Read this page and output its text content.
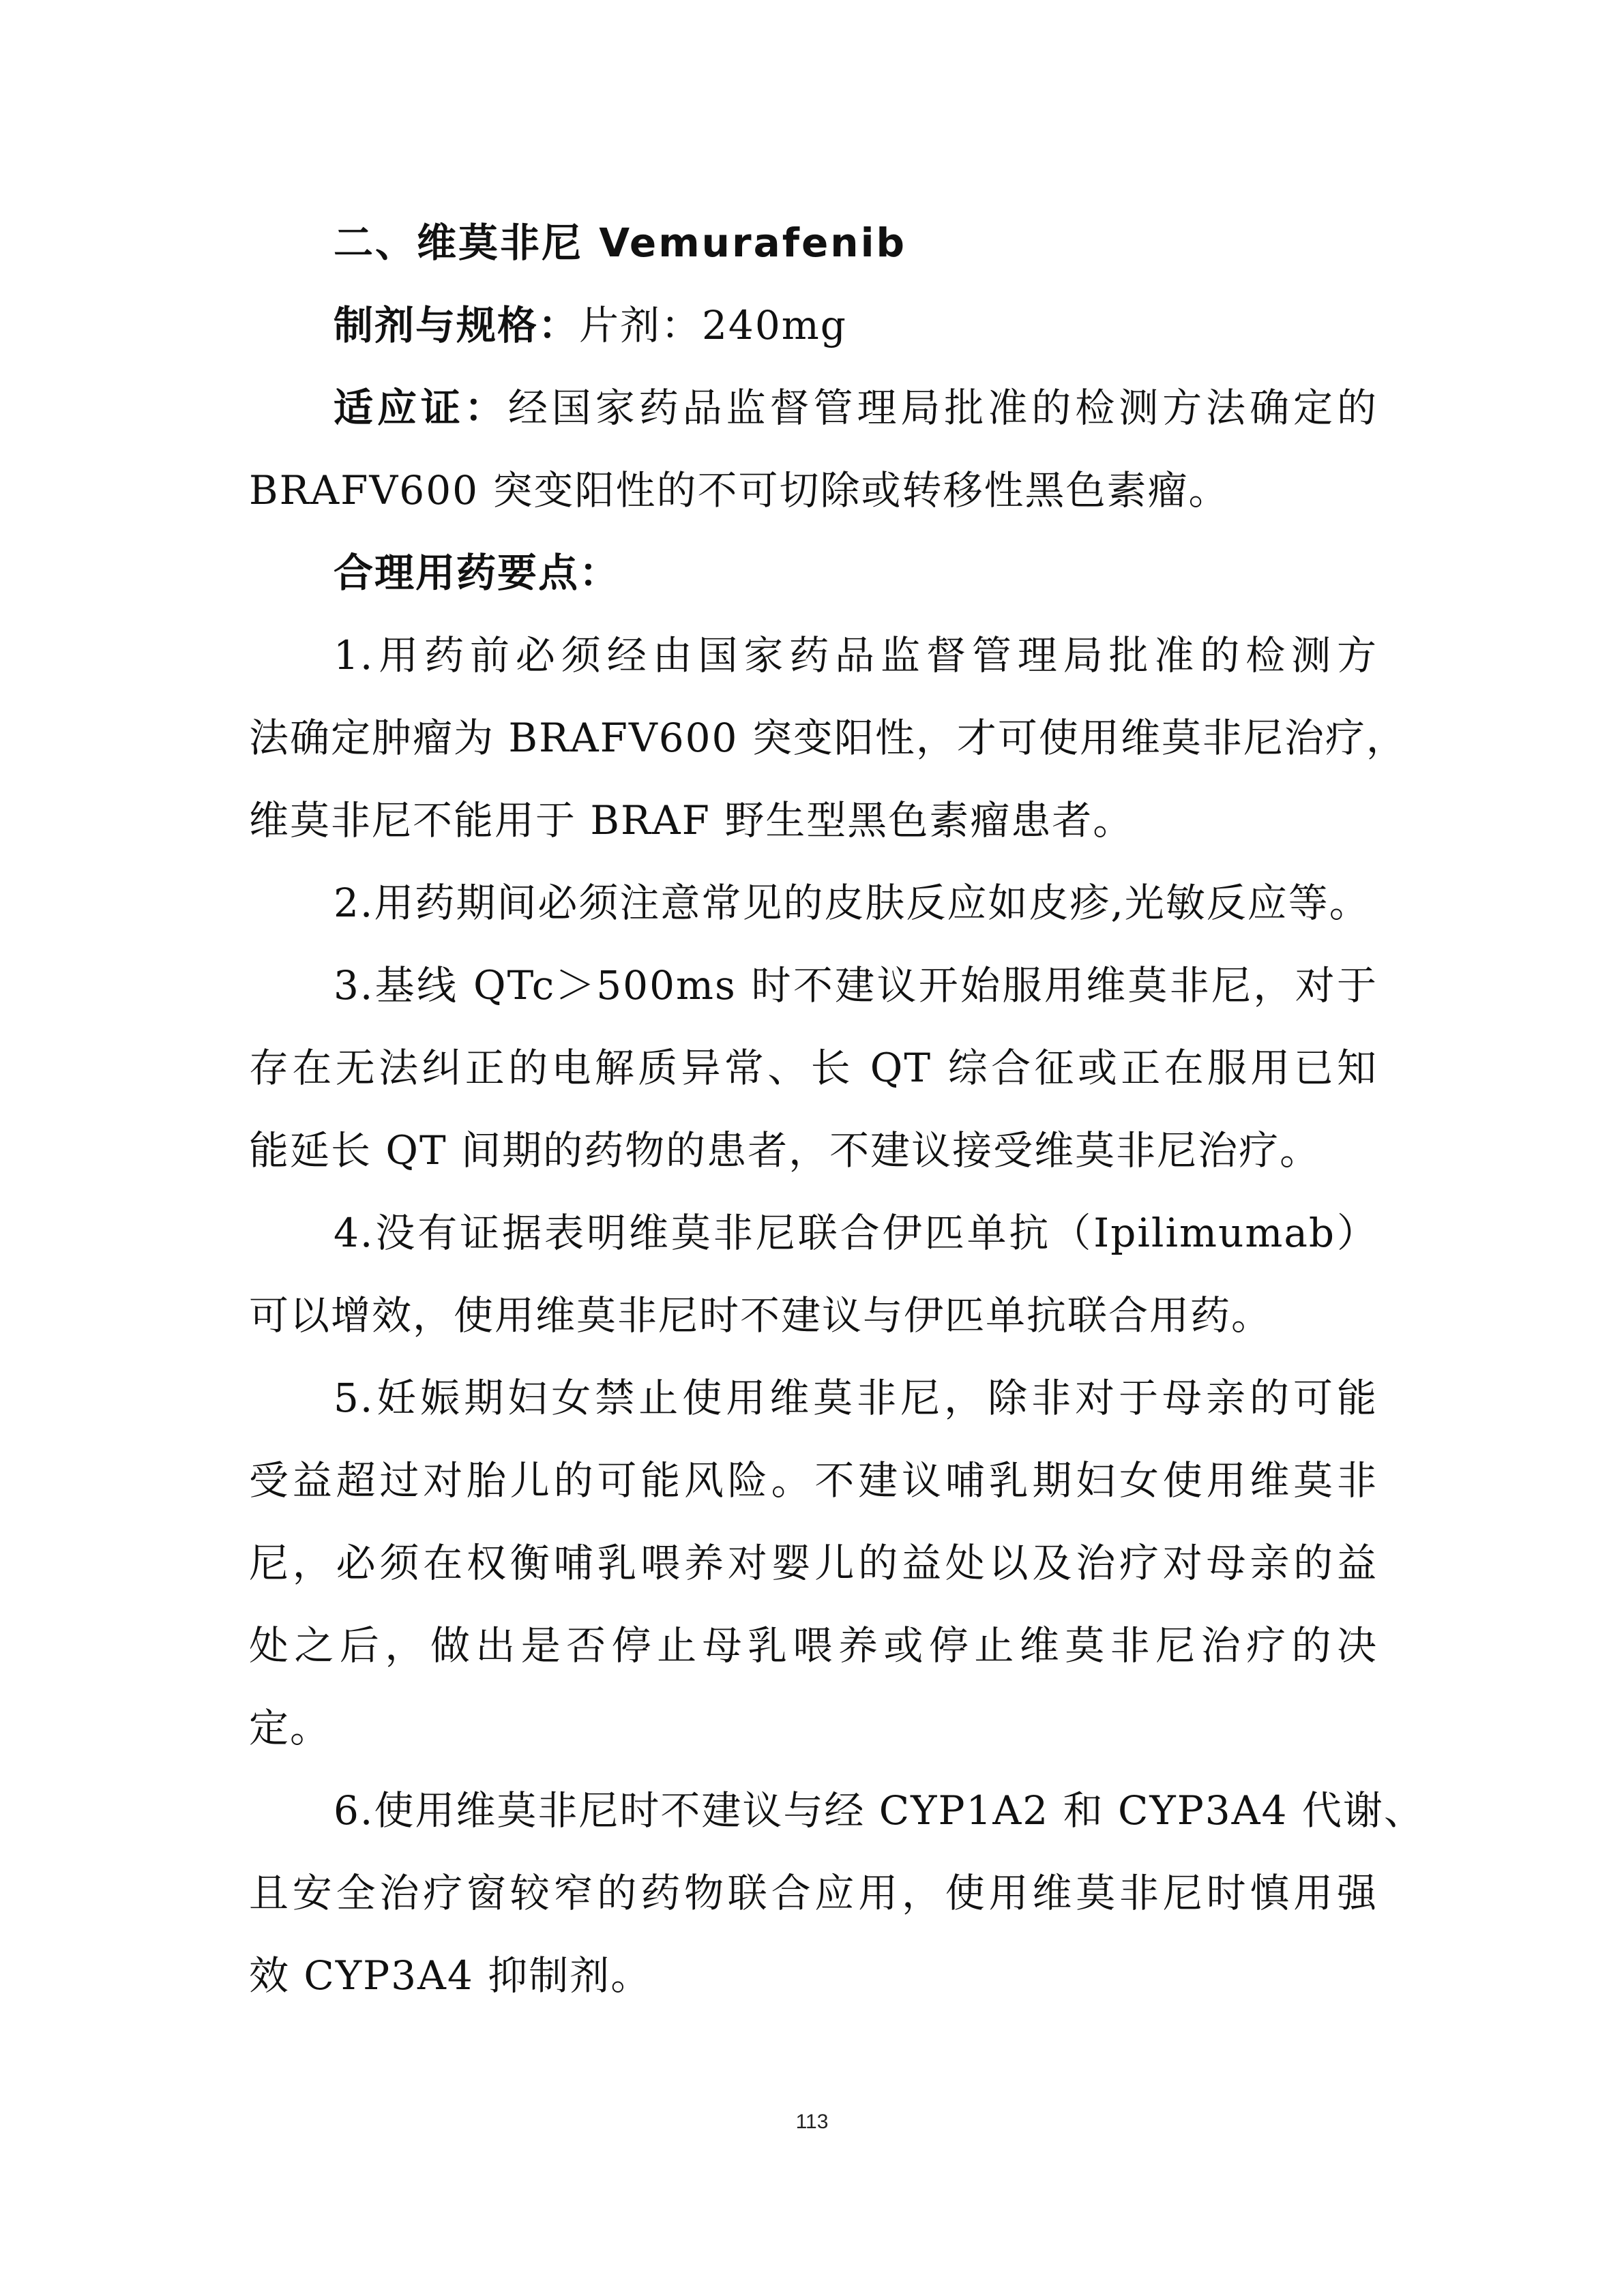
二、维莫非尼 Vemurafenib
制剂与规格：片剂：240mg
适应证：经国家药品监督管理局批准的检测方法确定的
BRAFV600 突变阳性的不可切除或转移性黑色素瘤。
合理用药要点：
1.用药前必须经由国家药品监督管理局批准的检测方
法确定肿瘤为 BRAFV600 突变阳性，才可使用维莫非尼治疗，
维莫非尼不能用于 BRAF 野生型黑色素瘤患者。
2.用药期间必须注意常见的皮肤反应如皮疹,光敏反应等。
3.基线 QTc＞500ms 时不建议开始服用维莫非尼，对于
存在无法纠正的电解质异常、长 QT 综合征或正在服用已知
能延长 QT 间期的药物的患者，不建议接受维莫非尼治疗。
4.没有证据表明维莫非尼联合伊匹单抗（Ipilimumab）
可以增效，使用维莫非尼时不建议与伊匹单抗联合用药。
5.妊娠期妇女禁止使用维莫非尼，除非对于母亲的可能
受益超过对胎儿的可能风险。不建议哺乳期妇女使用维莫非
尼，必须在权衡哺乳喂养对婴儿的益处以及治疗对母亲的益
处之后，做出是否停止母乳喂养或停止维莫非尼治疗的决
定。
6.使用维莫非尼时不建议与经 CYP1A2 和 CYP3A4 代谢、
且安全治疗窗较窄的药物联合应用，使用维莫非尼时慎用强
效 CYP3A4 抑制剂。
113
